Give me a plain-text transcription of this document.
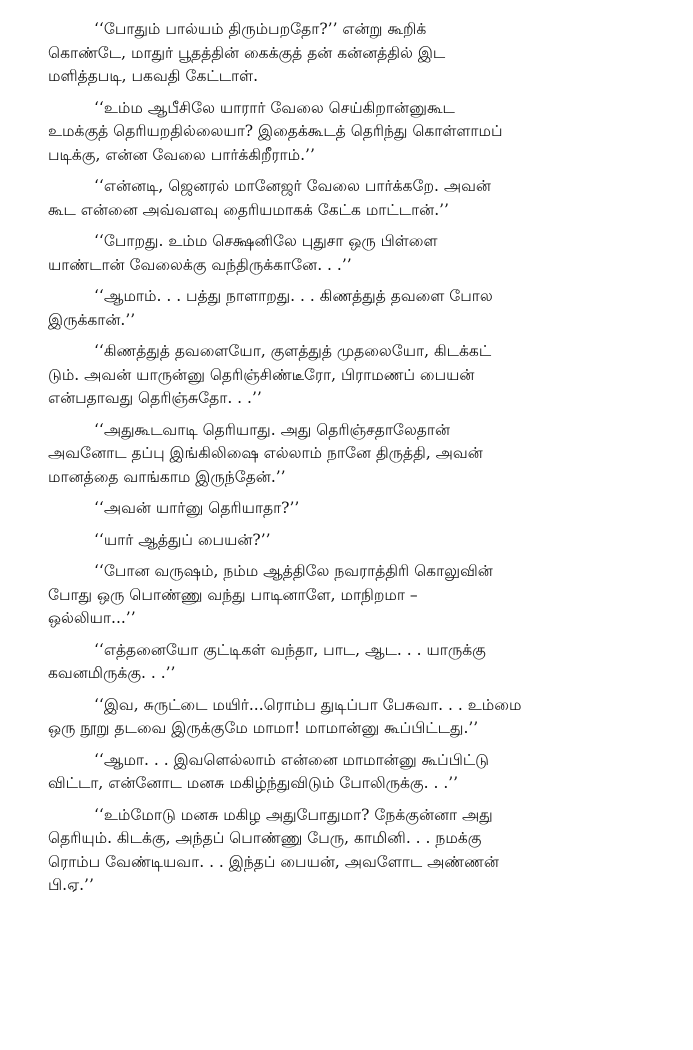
‘‘போதும் பால்யம் திரும்பறதோ?’’ என்று கூறிக்
கொண்டே, மாதுர் பூதத்தின் கைக்குத் தன் கன்னத்தில் இட
மளித்தபடி, பகவதி கேட்டாள்.
‘‘உம்ம ஆபீசிலே யாரார் வேலை செய்கிறான்னுகூட
உமக்குத் தெரியறதில்லையா? இதைக்கூடத் தெரிந்து கொள்ளாமப்
படிக்கு, என்ன வேலை பார்க்கிறீராம்.’’
‘‘என்னடி, ஜெனரல் மானேஜர் வேலை பார்க்கறே. அவன்
கூட என்னை அவ்வளவு தைரியமாகக் கேட்க மாட்டான்.’’
‘‘போறது. உம்ம செக்ஷனிலே புதுசா ஒரு பிள்ளை
யாண்டான் வேலைக்கு வந்திருக்கானே. . .’’
‘‘ஆமாம். . . பத்து நாளாறது. . . கிணத்துத் தவளை போல
இருக்கான்.’’
‘‘கிணத்துத் தவளையோ, குளத்துத் முதலையோ, கிடக்கட்
டும். அவன் யாருன்னு தெரிஞ்சிண்டீரோ, பிராமணப் பையன்
என்பதாவது தெரிஞ்சுதோ. . .’’
‘‘அதுகூடவாடி தெரியாது. அது தெரிஞ்சதாலேதான்
அவனோட தப்பு இங்கிலிஷை எல்லாம் நானே திருத்தி, அவன்
மானத்தை வாங்காம இருந்தேன்.’’
‘‘அவன் யார்னு தெரியாதா?’’
‘‘யார் ஆத்துப் பையன்?’’
‘‘போன வருஷம், நம்ம ஆத்திலே நவராத்திரி கொலுவின்
போது ஒரு பொண்ணு வந்து பாடினாளே, மாநிறமா –
ஒல்லியா...’’
‘‘எத்தனையோ குட்டிகள் வந்தா, பாட, ஆட. . . யாருக்கு
கவனமிருக்கு. . .’’
‘‘இவ, சுருட்டை மயிர்...ரொம்ப துடிப்பா பேசுவா. . . உம்மை
ஒரு நூறு தடவை இருக்குமே மாமா! மாமான்னு கூப்பிட்டது.’’
‘‘ஆமா. . . இவளெல்லாம் என்னை மாமான்னு கூப்பிட்டு
விட்டா, என்னோட மனசு மகிழ்ந்துவிடும் போலிருக்கு. . .’’
‘‘உம்மோடு மனசு மகிழ அதுபோதுமா? நேக்குன்னா அது
தெரியும். கிடக்கு, அந்தப் பொண்ணு பேரு, காமினி. . . நமக்கு
ரொம்ப வேண்டியவா. . . இந்தப் பையன், அவளோட அண்ணன்
பி.ஏ.’’
